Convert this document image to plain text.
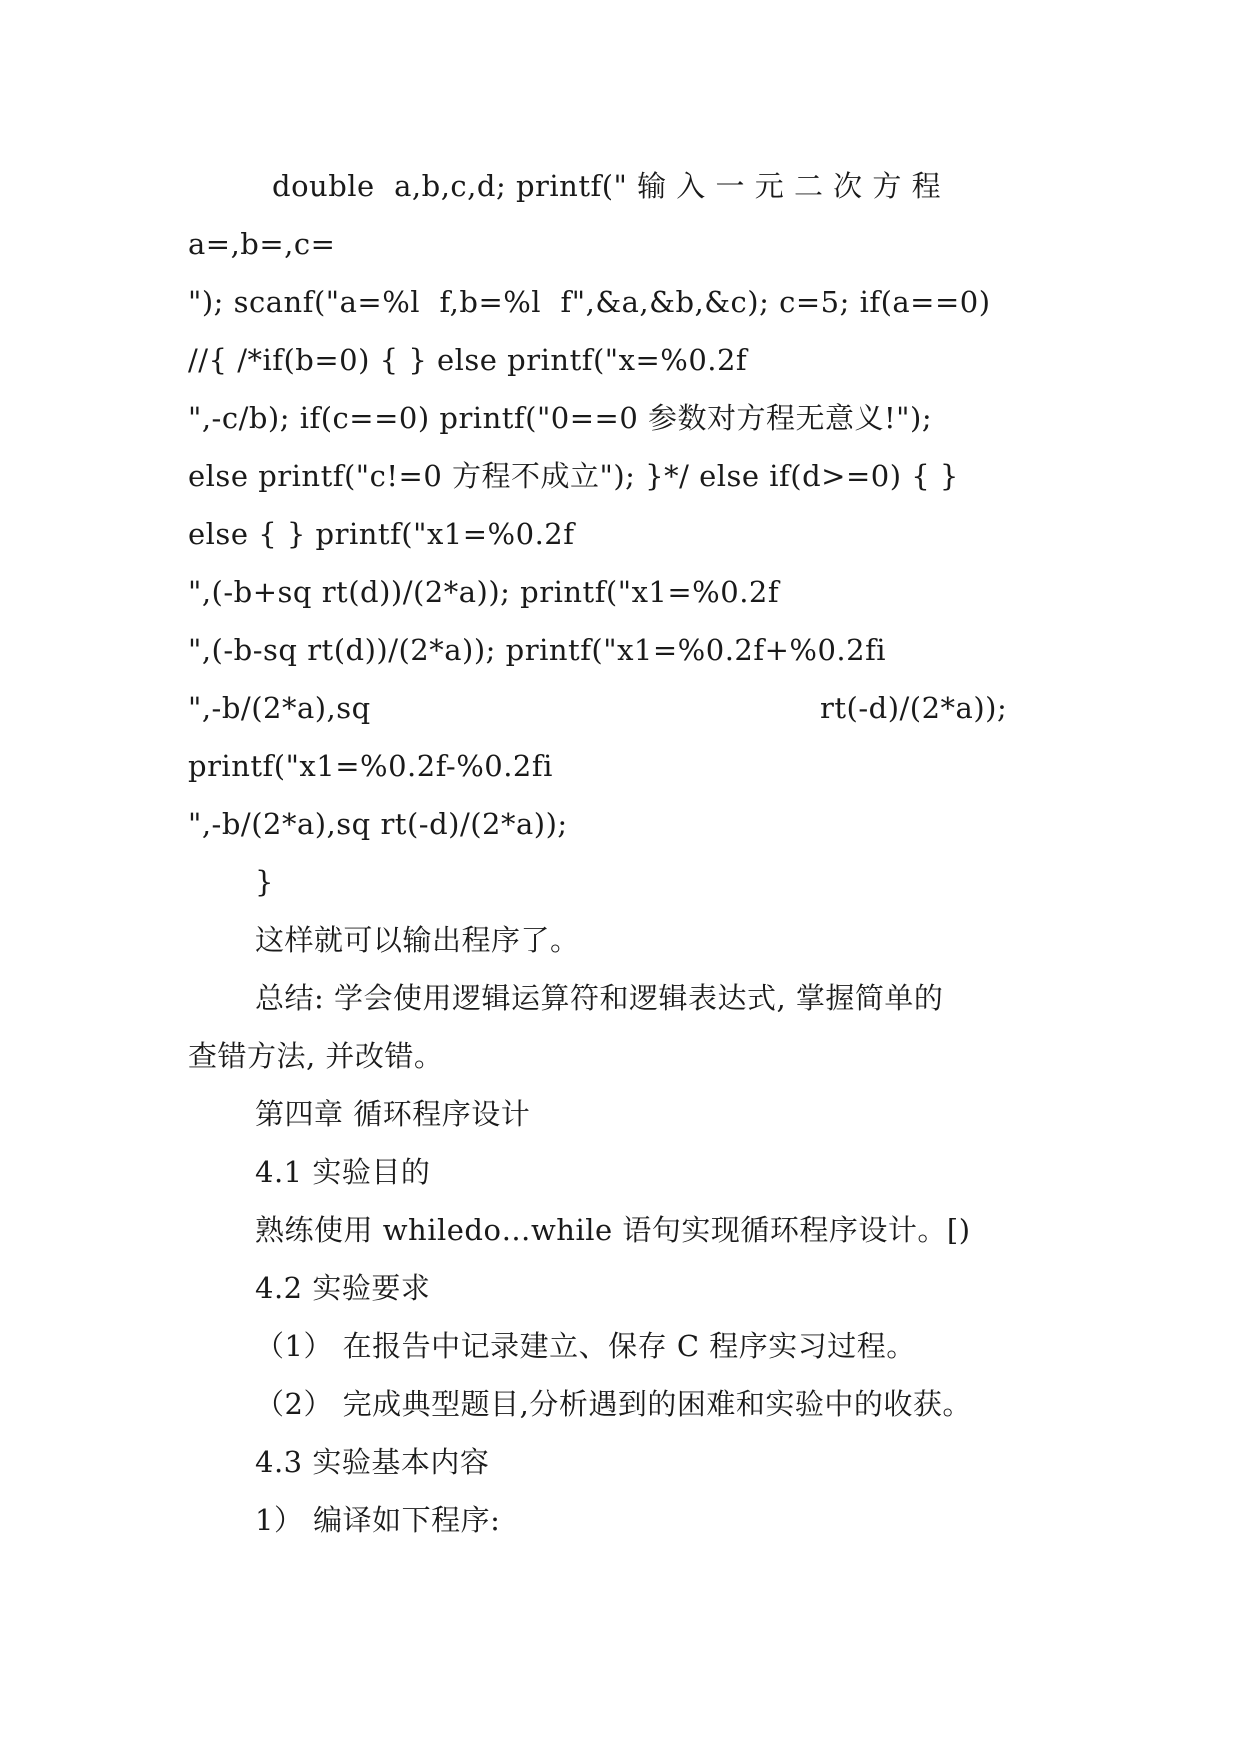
double  a,b,c,d; printf(" 输 入 一 元 二 次 方 程
a=,b=,c=
"); scanf("a=%l  f,b=%l  f",&a,&b,&c); c=5; if(a==0)
//{ /*if(b=0) { } else printf("x=%0.2f
",-c/b); if(c==0) printf("0==0 参数对方程无意义!");
else printf("c!=0 方程不成立"); }*/ else if(d>=0) { }
else { } printf("x1=%0.2f
",(-b+sq rt(d))/(2*a)); printf("x1=%0.2f
",(-b-sq rt(d))/(2*a)); printf("x1=%0.2f+%0.2fi
",-b/(2*a),sq	rt(-d)/(2*a));
printf("x1=%0.2f-%0.2fi
",-b/(2*a),sq rt(-d)/(2*a));
}
这样就可以输出程序了。
总结: 学会使用逻辑运算符和逻辑表达式, 掌握简单的
查错方法, 并改错。
第四章 循环程序设计
4.1 实验目的
熟练使用 whiledo…while 语句实现循环程序设计。[)
4.2 实验要求
（1） 在报告中记录建立、保存 C 程序实习过程。
（2） 完成典型题目,分析遇到的困难和实验中的收获。
4.3 实验基本内容
1） 编译如下程序:
